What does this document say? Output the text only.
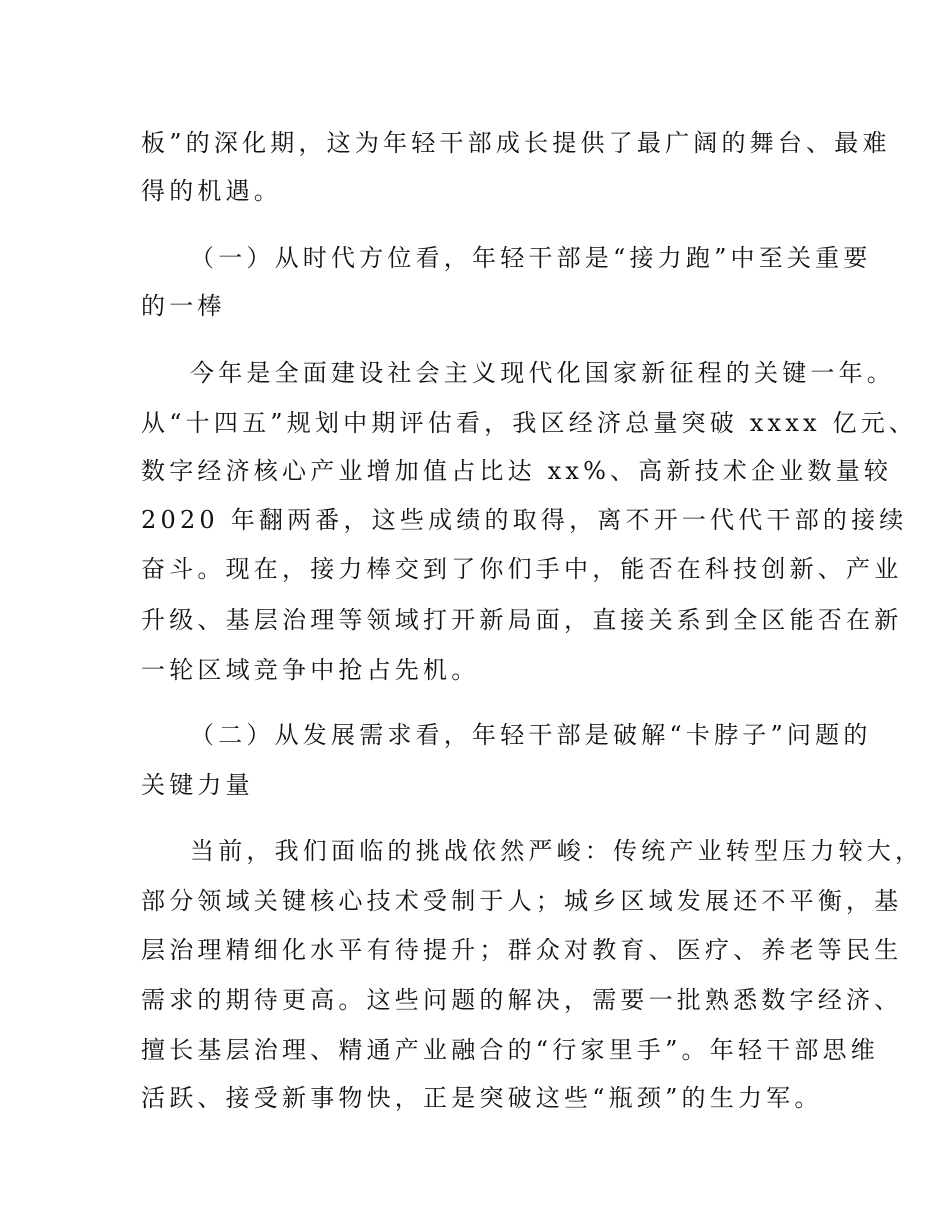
板”的深化期，这为年轻干部成长提供了最广阔的舞台、最难
得的机遇。
（一）从时代方位看，年轻干部是“接力跑”中至关重要
的一棒
今年是全面建设社会主义现代化国家新征程的关键一年。
从“十四五”规划中期评估看，我区经济总量突破 xxxx 亿元、
数字经济核心产业增加值占比达 xx%、高新技术企业数量较
2020 年翻两番，这些成绩的取得，离不开一代代干部的接续
奋斗。现在，接力棒交到了你们手中，能否在科技创新、产业
升级、基层治理等领域打开新局面，直接关系到全区能否在新
一轮区域竞争中抢占先机。
（二）从发展需求看，年轻干部是破解“卡脖子”问题的
关键力量
当前，我们面临的挑战依然严峻：传统产业转型压力较大，
部分领域关键核心技术受制于人；城乡区域发展还不平衡，基
层治理精细化水平有待提升；群众对教育、医疗、养老等民生
需求的期待更高。这些问题的解决，需要一批熟悉数字经济、
擅长基层治理、精通产业融合的“行家里手”。年轻干部思维
活跃、接受新事物快，正是突破这些“瓶颈”的生力军。
